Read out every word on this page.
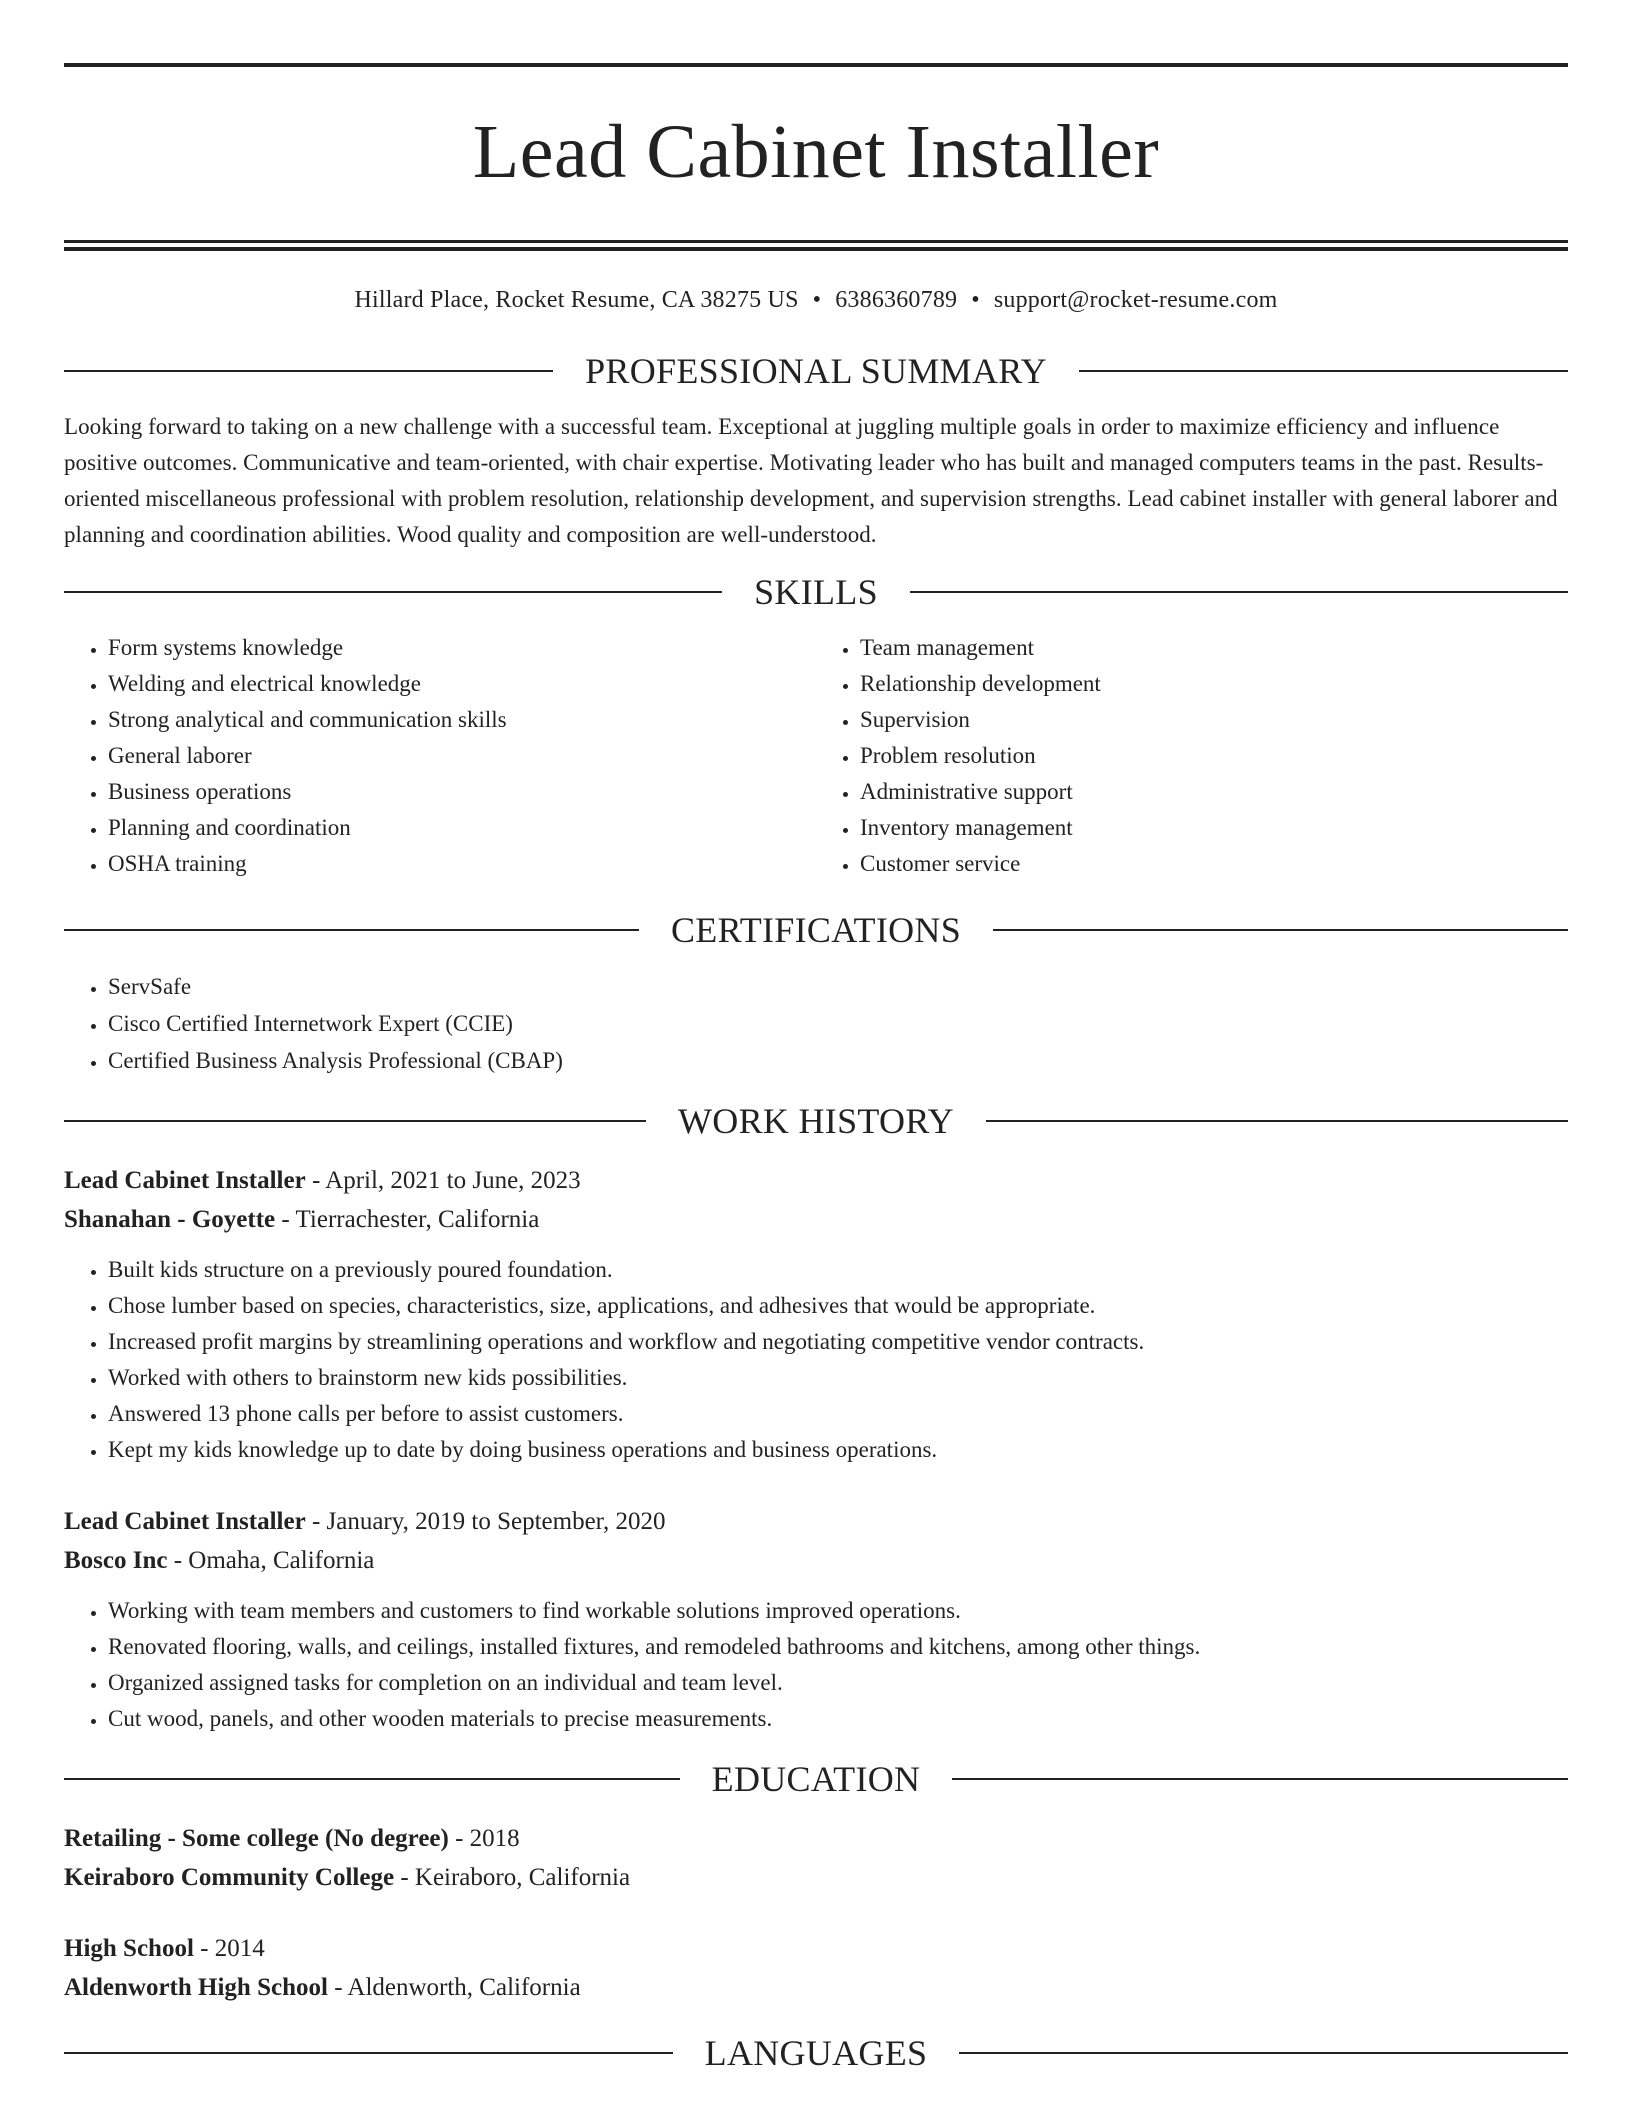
Lead Cabinet Installer
Hillard Place, Rocket Resume, CA 38275 US • 6386360789 • support@rocket-resume.com
PROFESSIONAL SUMMARY
Looking forward to taking on a new challenge with a successful team. Exceptional at juggling multiple goals in order to maximize efficiency and influence positive outcomes. Communicative and team-oriented, with chair expertise. Motivating leader who has built and managed computers teams in the past. Results-oriented miscellaneous professional with problem resolution, relationship development, and supervision strengths. Lead cabinet installer with general laborer and planning and coordination abilities. Wood quality and composition are well-understood.
SKILLS
• Form systems knowledge
• Welding and electrical knowledge
• Strong analytical and communication skills
• General laborer
• Business operations
• Planning and coordination
• OSHA training
• Team management
• Relationship development
• Supervision
• Problem resolution
• Administrative support
• Inventory management
• Customer service
CERTIFICATIONS
• ServSafe
• Cisco Certified Internetwork Expert (CCIE)
• Certified Business Analysis Professional (CBAP)
WORK HISTORY
Lead Cabinet Installer - April, 2021 to June, 2023
Shanahan - Goyette - Tierrachester, California
• Built kids structure on a previously poured foundation.
• Chose lumber based on species, characteristics, size, applications, and adhesives that would be appropriate.
• Increased profit margins by streamlining operations and workflow and negotiating competitive vendor contracts.
• Worked with others to brainstorm new kids possibilities.
• Answered 13 phone calls per before to assist customers.
• Kept my kids knowledge up to date by doing business operations and business operations.
Lead Cabinet Installer - January, 2019 to September, 2020
Bosco Inc - Omaha, California
• Working with team members and customers to find workable solutions improved operations.
• Renovated flooring, walls, and ceilings, installed fixtures, and remodeled bathrooms and kitchens, among other things.
• Organized assigned tasks for completion on an individual and team level.
• Cut wood, panels, and other wooden materials to precise measurements.
EDUCATION
Retailing - Some college (No degree) - 2018
Keiraboro Community College - Keiraboro, California
High School - 2014
Aldenworth High School - Aldenworth, California
LANGUAGES
